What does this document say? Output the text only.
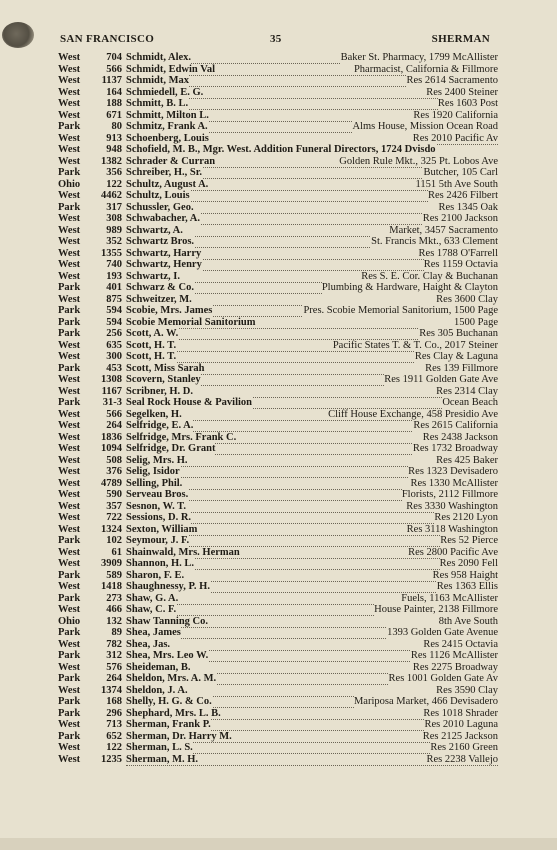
SAN FRANCISCO	35	SHERMAN
West	704 Schmidt, Alex.	Baker St. Pharmacy, 1799 McAllister
West	566 Schmidt, Edwin Val	Pharmacist, California & Fillmore
West	1137 Schmidt, Max	Res 2614 Sacramento
West	164 Schmiedell, E. G.	Res 2400 Steiner
West	188 Schmitt, B. L.	Res 1603 Post
West	671 Schmitt, Milton L.	Res 1920 California
Park	80 Schmitz, Frank A.	Alms House, Mission Ocean Road
West	913 Schoenberg, Louis	Res 2010 Pacific Av
West	948 Schofield, M. B., Mgr. West. Addition Funeral Directors, 1724 Dvisdo
West	1382 Schrader & Curran	Golden Rule Mkt., 325 Pt. Lobos Ave
Park	356 Schreiber, H., Sr.	Butcher, 105 Carl
Ohio	122 Schultz, August A.	1151 5th Ave South
West	4462 Schultz, Louis	Res 2426 Filbert
Park	317 Schussler, Geo.	Res 1345 Oak
West	308 Schwabacher, A.	Res 2100 Jackson
West	989 Schwartz, A.	Market, 3457 Sacramento
West	352 Schwartz Bros.	St. Francis Mkt., 633 Clement
West	1355 Schwartz, Harry	Res 1788 O'Farrell
West	740 Schwartz, Henry	Res 1159 Octavia
West	193 Schwartz, I.	Res S. E. Cor. Clay & Buchanan
Park	401 Schwarz & Co.	Plumbing & Hardware, Haight & Clayton
West	875 Schweitzer, M.	Res 3600 Clay
Park	594 Scobie, Mrs. James	Pres. Scobie Memorial Sanitorium, 1500 Page
Park	594 Scobie Memorial Sanitorium	1500 Page
Park	256 Scott, A. W.	Res 305 Buchanan
West	635 Scott, H. T.	Pacific States T. & T. Co., 2017 Steiner
West	300 Scott, H. T.	Res Clay & Laguna
Park	453 Scott, Miss Sarah	Res 139 Fillmore
West	1308 Scovern, Stanley	Res 1911 Golden Gate Ave
West	1167 Scribner, H. D.	Res 2314 Clay
Park	31-3 Seal Rock House & Pavilion	Ocean Beach
West	566 Segelken, H.	Cliff House Exchange, 458 Presidio Ave
West	264 Selfridge, E. A.	Res 2615 California
West	1836 Selfridge, Mrs. Frank C.	Res 2438 Jackson
West	1094 Selfridge, Dr. Grant	Res 1732 Broadway
West	508 Selig, Mrs. H.	Res 425 Baker
West	376 Selig, Isidor	Res 1323 Devisadero
West	4789 Selling, Phil.	Res 1330 McAllister
West	590 Serveau Bros.	Florists, 2112 Fillmore
West	357 Sesnon, W. T.	Res 3330 Washington
West	722 Sessions, D. R.	Res 2120 Lyon
West	1324 Sexton, William	Res 3118 Washington
Park	102 Seymour, J. F.	Res 52 Pierce
West	61 Shainwald, Mrs. Herman	Res 2800 Pacific Ave
West	3909 Shannon, H. L.	Res 2090 Fell
Park	589 Sharon, F. E.	Res 958 Haight
West	1418 Shaughnessy, P. H.	Res 1363 Ellis
Park	273 Shaw, G. A.	Fuels, 1163 McAllister
West	466 Shaw, C. F.	House Painter, 2138 Fillmore
Ohio	132 Shaw Tanning Co.	8th Ave South
Park	89 Shea, James	1393 Golden Gate Avenue
West	782 Shea, Jas.	Res 2415 Octavia
Park	312 Shea, Mrs. Leo W.	Res 1126 McAllister
West	576 Sheideman, B.	Res 2275 Broadway
Park	264 Sheldon, Mrs. A. M.	Res 1001 Golden Gate Av
West	1374 Sheldon, J. A.	Res 3590 Clay
Park	168 Shelly, H. G. & Co.	Mariposa Market, 466 Devisadero
Park	296 Shephard, Mrs. L. B.	Res 1018 Shrader
West	713 Sherman, Frank P.	Res 2010 Laguna
Park	652 Sherman, Dr. Harry M.	Res 2125 Jackson
West	122 Sherman, L. S.	Res 2160 Green
West	1235 Sherman, M. H.	Res 2238 Vallejo
